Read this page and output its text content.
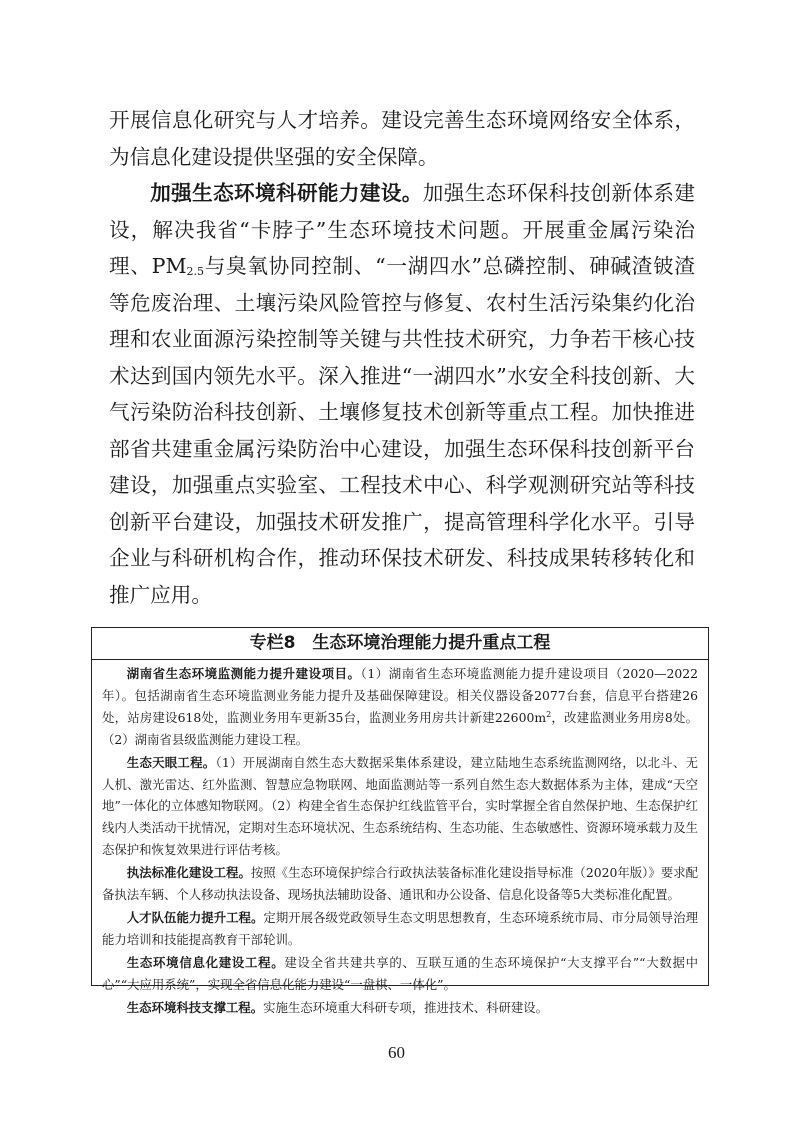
开展信息化研究与人才培养。建设完善生态环境网络安全体系，为信息化建设提供坚强的安全保障。

加强生态环境科研能力建设。加强生态环保科技创新体系建设，解决我省“卡脖子”生态环境技术问题。开展重金属污染治理、$PM_{2.5}$与臭氧协同控制、“一湖四水”总磷控制、砷碱渣铍渣等危废治理、土壤污染风险管控与修复、农村生活污染集约化治理和农业面源污染控制等关键与共性技术研究，力争若干核心技术达到国内领先水平。深入推进“一湖四水”水安全科技创新、大气污染防治科技创新、土壤修复技术创新等重点工程。加快推进部省共建重金属污染防治中心建设，加强生态环保科技创新平台建设，加强重点实验室、工程技术中心、科学观测研究站等科技创新平台建设，加强技术研发推广，提高管理科学化水平。引导企业与科研机构合作，推动环保技术研发、科技成果转移转化和推广应用。

专栏8　生态环境治理能力提升重点工程

湖南省生态环境监测能力提升建设项目。（1）湖南省生态环境监测能力提升建设项目（2020—2022年）。包括湖南省生态环境监测业务能力提升及基础保障建设。相关仪器设备2077台套，信息平台搭建26处，站房建设618处，监测业务用车更新35台，监测业务用房共计新建$22600m^2$，改建监测业务用房8处。（2）湖南省县级监测能力建设工程。

生态天眼工程。（1）开展湖南自然生态大数据采集体系建设，建立陆地生态系统监测网络，以北斗、无人机、激光雷达、红外监测、智慧应急物联网、地面监测站等一系列自然生态大数据体系为主体，建成“天空地”一体化的立体感知物联网。（2）构建全省生态保护红线监管平台，实时掌握全省自然保护地、生态保护红线内人类活动干扰情况，定期对生态环境状况、生态系统结构、生态功能、生态敏感性、资源环境承载力及生态保护和恢复效果进行评估考核。

执法标准化建设工程。按照《生态环境保护综合行政执法装备标准化建设指导标准（2020年版）》要求配备执法车辆、个人移动执法设备、现场执法辅助设备、通讯和办公设备、信息化设备等5大类标准化配置。

人才队伍能力提升工程。定期开展各级党政领导生态文明思想教育，生态环境系统市局、市分局领导治理能力培训和技能提高教育干部轮训。

生态环境信息化建设工程。建设全省共建共享的、互联互通的生态环境保护“大支撑平台”“大数据中心”“大应用系统”，实现全省信息化能力建设“一盘棋、一体化”。

生态环境科技支撑工程。实施生态环境重大科研专项，推进技术、科研建设。

60
